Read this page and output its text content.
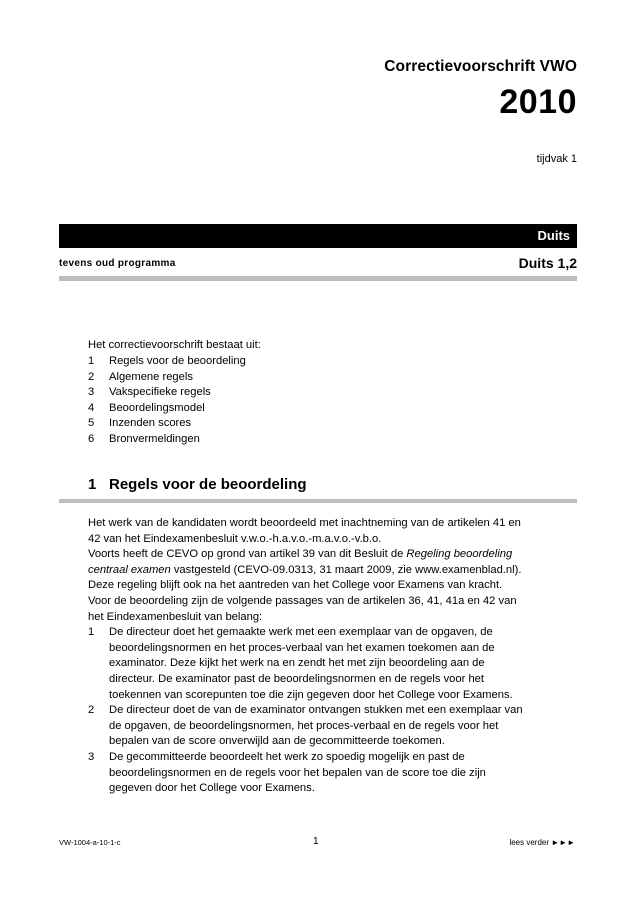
Correctievoorschrift VWO
2010
tijdvak 1
Duits
tevens oud programma	Duits 1,2
Het correctievoorschrift bestaat uit:
1 Regels voor de beoordeling
2 Algemene regels
3 Vakspecifieke regels
4 Beoordelingsmodel
5 Inzenden scores
6 Bronvermeldingen
1 Regels voor de beoordeling

Het werk van de kandidaten wordt beoordeeld met inachtneming van de artikelen 41 en

42 van het Eindexamenbesluit v.w.o.-h.a.v.o.-m.a.v.o.-v.b.o.

Voorts heeft de CEVO op grond van artikel 39 van dit Besluit de Regeling beoordeling

centraal examen vastgesteld (CEVO-09.0313, 31 maart 2009, zie www.examenblad.nl).

Deze regeling blijft ook na het aantreden van het College voor Examens van kracht.

Voor de beoordeling zijn de volgende passages van de artikelen 36, 41, 41a en 42 van

het Eindexamenbesluit van belang:

1 De directeur doet het gemaakte werk met een exemplaar van de opgaven, de

beoordelingsnormen en het proces-verbaal van het examen toekomen aan de

examinator. Deze kijkt het werk na en zendt het met zijn beoordeling aan de

directeur. De examinator past de beoordelingsnormen en de regels voor het

toekennen van scorepunten toe die zijn gegeven door het College voor Examens.

2 De directeur doet de van de examinator ontvangen stukken met een exemplaar van

de opgaven, de beoordelingsnormen, het proces-verbaal en de regels voor het

bepalen van de score onverwijld aan de gecommitteerde toekomen.

3 De gecommitteerde beoordeelt het werk zo spoedig mogelijk en past de

beoordelingsnormen en de regels voor het bepalen van de score toe die zijn

gegeven door het College voor Examens.

VW-1004-a-10-1-c	1	lees verder ►►►
